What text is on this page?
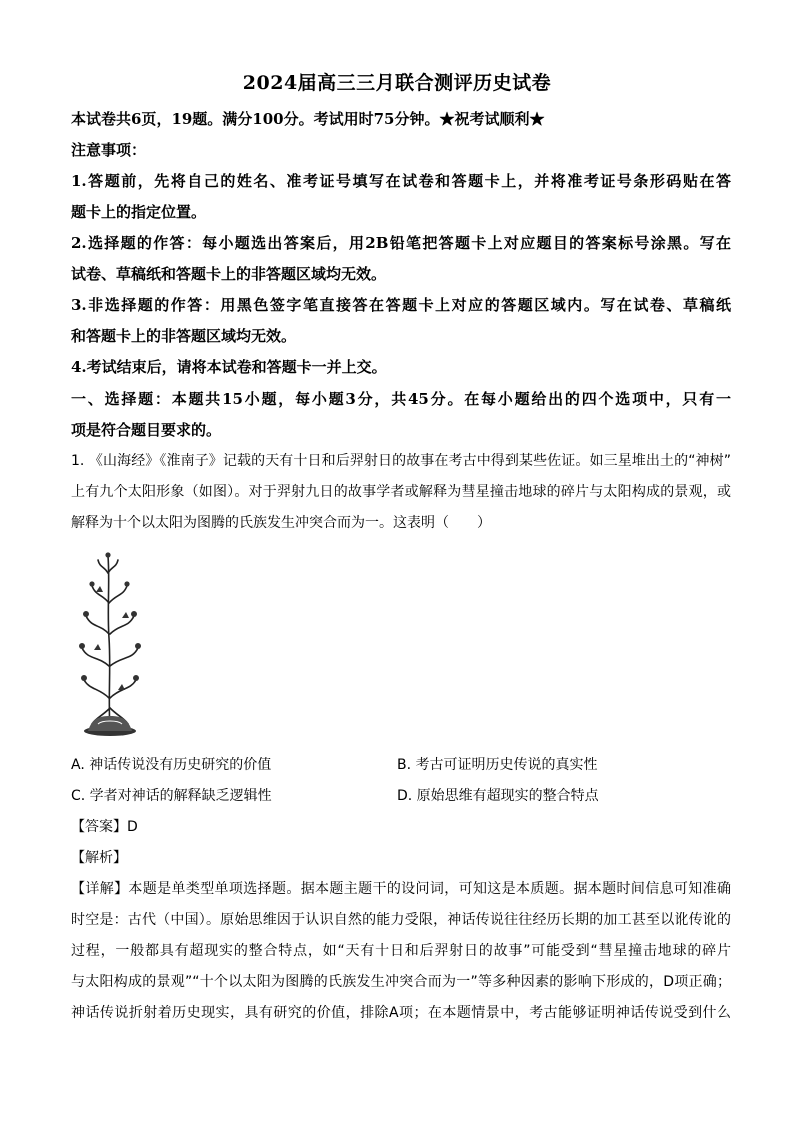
2024届高三三月联合测评历史试卷
本试卷共6页，19题。满分100分。考试用时75分钟。★祝考试顺利★
注意事项：
1.答题前，先将自己的姓名、准考证号填写在试卷和答题卡上，并将准考证号条形码贴在答
题卡上的指定位置。
2.选择题的作答：每小题选出答案后，用2B铅笔把答题卡上对应题目的答案标号涂黑。写在
试卷、草稿纸和答题卡上的非答题区域均无效。
3.非选择题的作答：用黑色签字笔直接答在答题卡上对应的答题区域内。写在试卷、草稿纸
和答题卡上的非答题区域均无效。
4.考试结束后，请将本试卷和答题卡一并上交。
一、选择题：本题共15小题，每小题3分，共45分。在每小题给出的四个选项中，只有一
项是符合题目要求的。
1. 《山海经》《淮南子》记载的天有十日和后羿射日的故事在考古中得到某些佐证。如三星堆出土的“神树”
上有九个太阳形象（如图）。对于羿射九日的故事学者或解释为彗星撞击地球的碎片与太阳构成的景观，或
解释为十个以太阳为图腾的氏族发生冲突合而为一。这表明（　　）
A. 神话传说没有历史研究的价值	B. 考古可证明历史传说的真实性
C. 学者对神话的解释缺乏逻辑性	D. 原始思维有超现实的整合特点
【答案】D
【解析】
【详解】本题是单类型单项选择题。据本题主题干的设问词，可知这是本质题。据本题时间信息可知准确
时空是：古代（中国）。原始思维因于认识自然的能力受限，神话传说往往经历长期的加工甚至以讹传讹的
过程，一般都具有超现实的整合特点，如“天有十日和后羿射日的故事”可能受到“彗星撞击地球的碎片
与太阳构成的景观”“十个以太阳为图腾的氏族发生冲突合而为一”等多种因素的影响下形成的，D项正确；
神话传说折射着历史现实，具有研究的价值，排除A项；在本题情景中，考古能够证明神话传说受到什么
